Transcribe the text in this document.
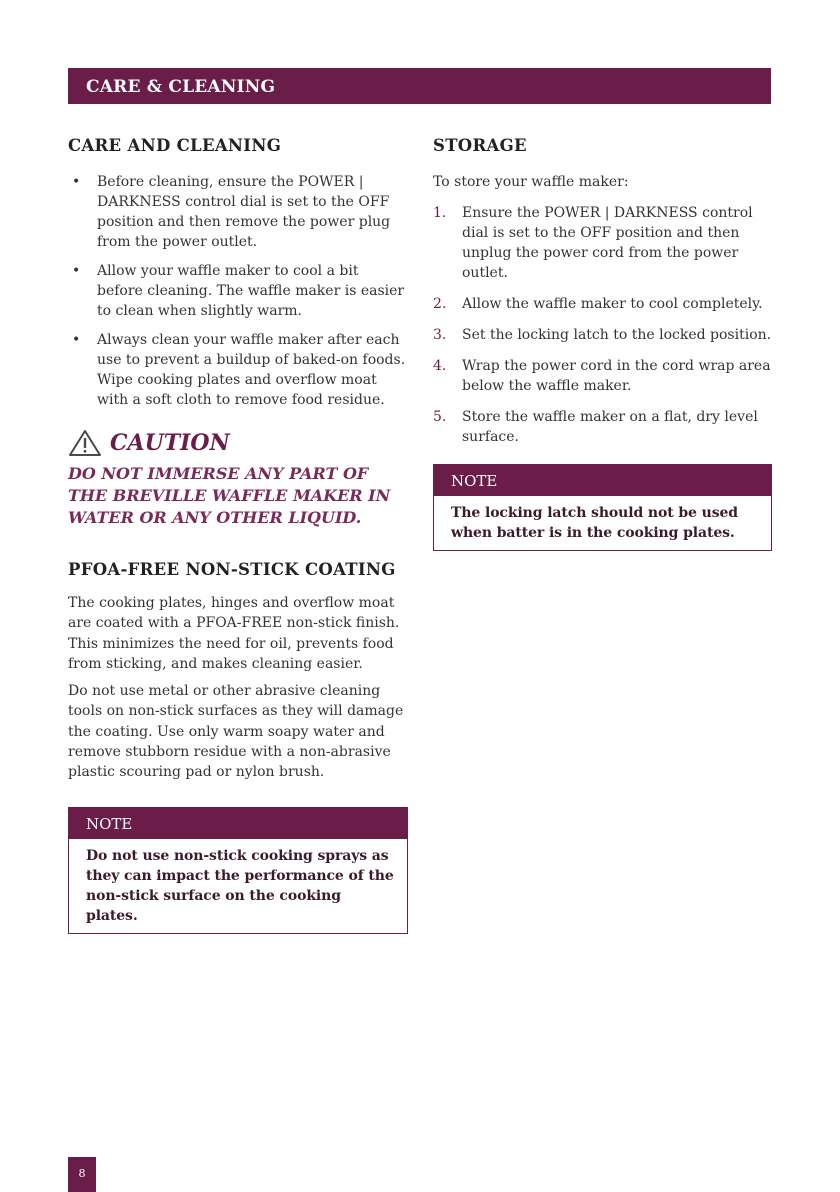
CARE & CLEANING
CARE AND CLEANING
• Before cleaning, ensure the POWER | DARKNESS control dial is set to the OFF position and then remove the power plug from the power outlet.
• Allow your waffle maker to cool a bit before cleaning. The waffle maker is easier to clean when slightly warm.
• Always clean your waffle maker after each use to prevent a buildup of baked-on foods. Wipe cooking plates and overflow moat with a soft cloth to remove food residue.
CAUTION
DO NOT IMMERSE ANY PART OF THE BREVILLE WAFFLE MAKER IN WATER OR ANY OTHER LIQUID.
PFOA-FREE NON-STICK COATING

The cooking plates, hinges and overflow moat are coated with a PFOA-FREE non-stick finish. This minimizes the need for oil, prevents food from sticking, and makes cleaning easier.

Do not use metal or other abrasive cleaning tools on non-stick surfaces as they will damage the coating. Use only warm soapy water and remove stubborn residue with a non-abrasive plastic scouring pad or nylon brush.

NOTE
Do not use non-stick cooking sprays as they can impact the performance of the non-stick surface on the cooking plates.
STORAGE

To store your waffle maker:

1. Ensure the POWER | DARKNESS control dial is set to the OFF position and then unplug the power cord from the power outlet.
2. Allow the waffle maker to cool completely.
3. Set the locking latch to the locked position.
4. Wrap the power cord in the cord wrap area below the waffle maker.
5. Store the waffle maker on a flat, dry level surface.
NOTE
The locking latch should not be used when batter is in the cooking plates.
8
